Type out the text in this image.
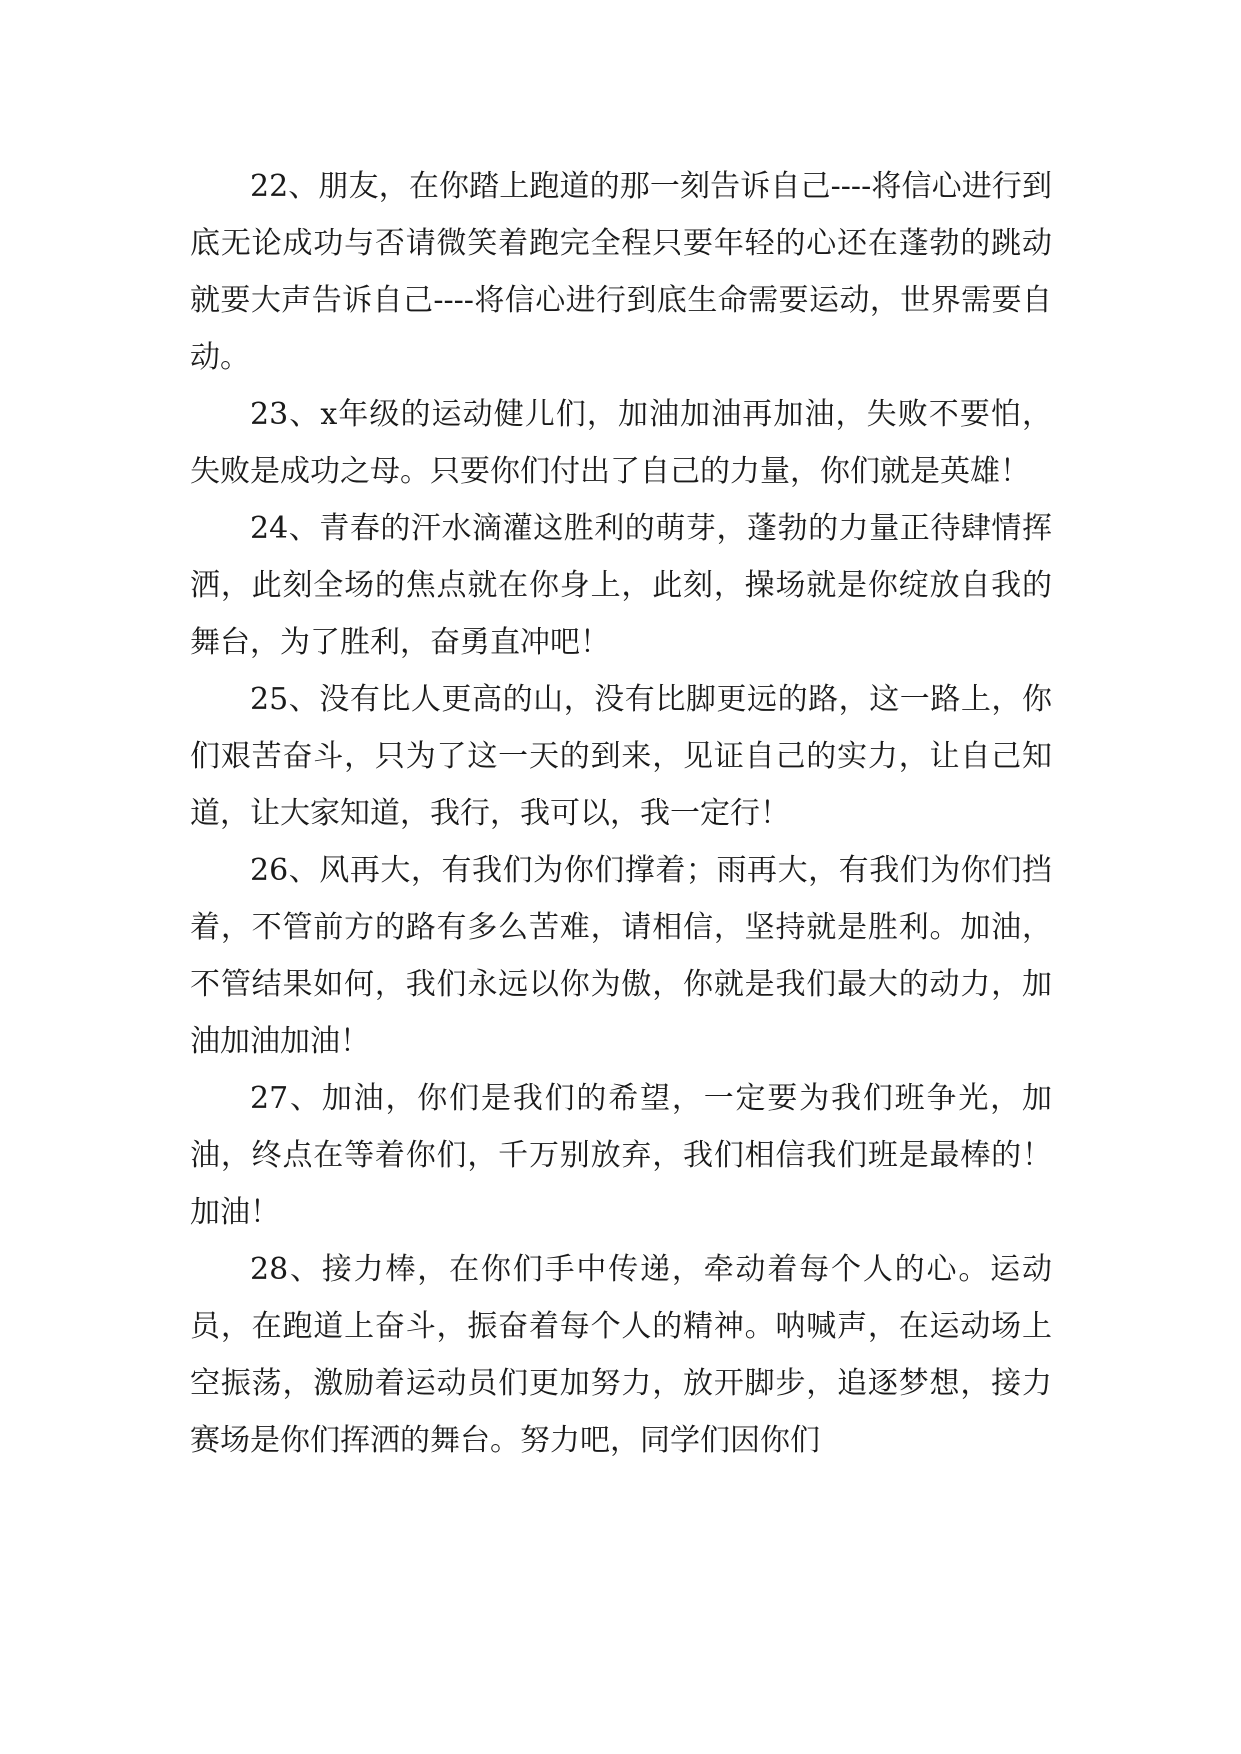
22、朋友，在你踏上跑道的那一刻告诉自己----将信心进行到底无论成功与否请微笑着跑完全程只要年轻的心还在蓬勃的跳动就要大声告诉自己----将信心进行到底生命需要运动，世界需要自动。

23、x年级的运动健儿们，加油加油再加油，失败不要怕，失败是成功之母。只要你们付出了自己的力量，你们就是英雄！

24、青春的汗水滴灌这胜利的萌芽，蓬勃的力量正待肆情挥洒，此刻全场的焦点就在你身上，此刻，操场就是你绽放自我的舞台，为了胜利，奋勇直冲吧！

25、没有比人更高的山，没有比脚更远的路，这一路上，你们艰苦奋斗，只为了这一天的到来，见证自己的实力，让自己知道，让大家知道，我行，我可以，我一定行！

26、风再大，有我们为你们撑着；雨再大，有我们为你们挡着，不管前方的路有多么苦难，请相信，坚持就是胜利。加油，不管结果如何，我们永远以你为傲，你就是我们最大的动力，加油加油加油！

27、加油，你们是我们的希望，一定要为我们班争光，加油，终点在等着你们，千万别放弃，我们相信我们班是最棒的！加油！

28、接力棒，在你们手中传递，牵动着每个人的心。运动员，在跑道上奋斗，振奋着每个人的精神。呐喊声，在运动场上空振荡，激励着运动员们更加努力，放开脚步，追逐梦想，接力赛场是你们挥洒的舞台。努力吧，同学们因你们
